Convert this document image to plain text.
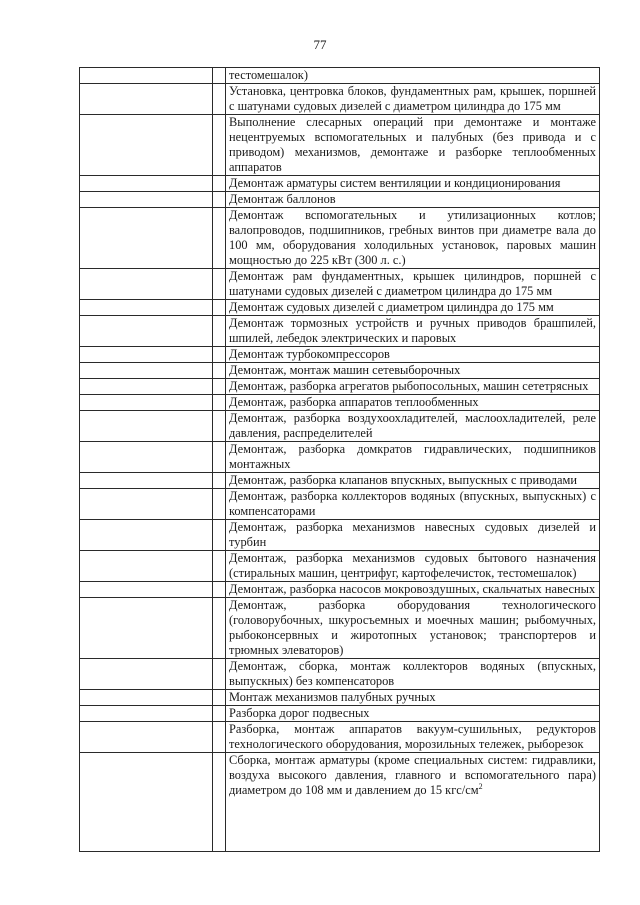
77

		тестомешалок)

		Установка, центровка блоков, фундаментных рам, крышек, поршней с шатунами судовых дизелей с диаметром цилиндра до 175 мм

		Выполнение слесарных операций при демонтаже и монтаже нецентруемых вспомогательных и палубных (без привода и с приводом) механизмов, демонтаже и разборке теплообменных аппаратов

		Демонтаж арматуры систем вентиляции и кондиционирования

		Демонтаж баллонов

		Демонтаж вспомогательных и утилизационных котлов; валопроводов, подшипников, гребных винтов при диаметре вала до 100 мм, оборудования холодильных установок, паровых машин мощностью до 225 кВт (300 л. с.)

		Демонтаж рам фундаментных, крышек цилиндров, поршней с шатунами судовых дизелей с диаметром цилиндра до 175 мм

		Демонтаж судовых дизелей с диаметром цилиндра до 175 мм

		Демонтаж тормозных устройств и ручных приводов брашпилей, шпилей, лебедок электрических и паровых

		Демонтаж турбокомпрессоров

		Демонтаж, монтаж машин сетевыборочных

		Демонтаж, разборка агрегатов рыбопосольных, машин сететрясных

		Демонтаж, разборка аппаратов теплообменных

		Демонтаж, разборка воздухоохладителей, маслоохладителей, реле давления, распределителей

		Демонтаж, разборка домкратов гидравлических, подшипников монтажных

		Демонтаж, разборка клапанов впускных, выпускных с приводами

		Демонтаж, разборка коллекторов водяных (впускных, выпускных) с компенсаторами

		Демонтаж, разборка механизмов навесных судовых дизелей и турбин

		Демонтаж, разборка механизмов судовых бытового назначения (стиральных машин, центрифуг, картофелечисток, тестомешалок)

		Демонтаж, разборка насосов мокровоздушных, скальчатых навесных

		Демонтаж, разборка оборудования технологического (головорубочных, шкуросъемных и моечных машин; рыбомучных, рыбоконсервных и жиротопных установок; транспортеров и трюмных элеваторов)

		Демонтаж, сборка, монтаж коллекторов водяных (впускных, выпускных) без компенсаторов

		Монтаж механизмов палубных ручных

		Разборка дорог подвесных

		Разборка, монтаж аппаратов вакуум-сушильных, редукторов технологического оборудования, морозильных тележек, рыборезок

		Сборка, монтаж арматуры (кроме специальных систем: гидравлики, воздуха высокого давления, главного и вспомогательного пара) диаметром до 108 мм и давлением до 15 кгс/$см^2$
